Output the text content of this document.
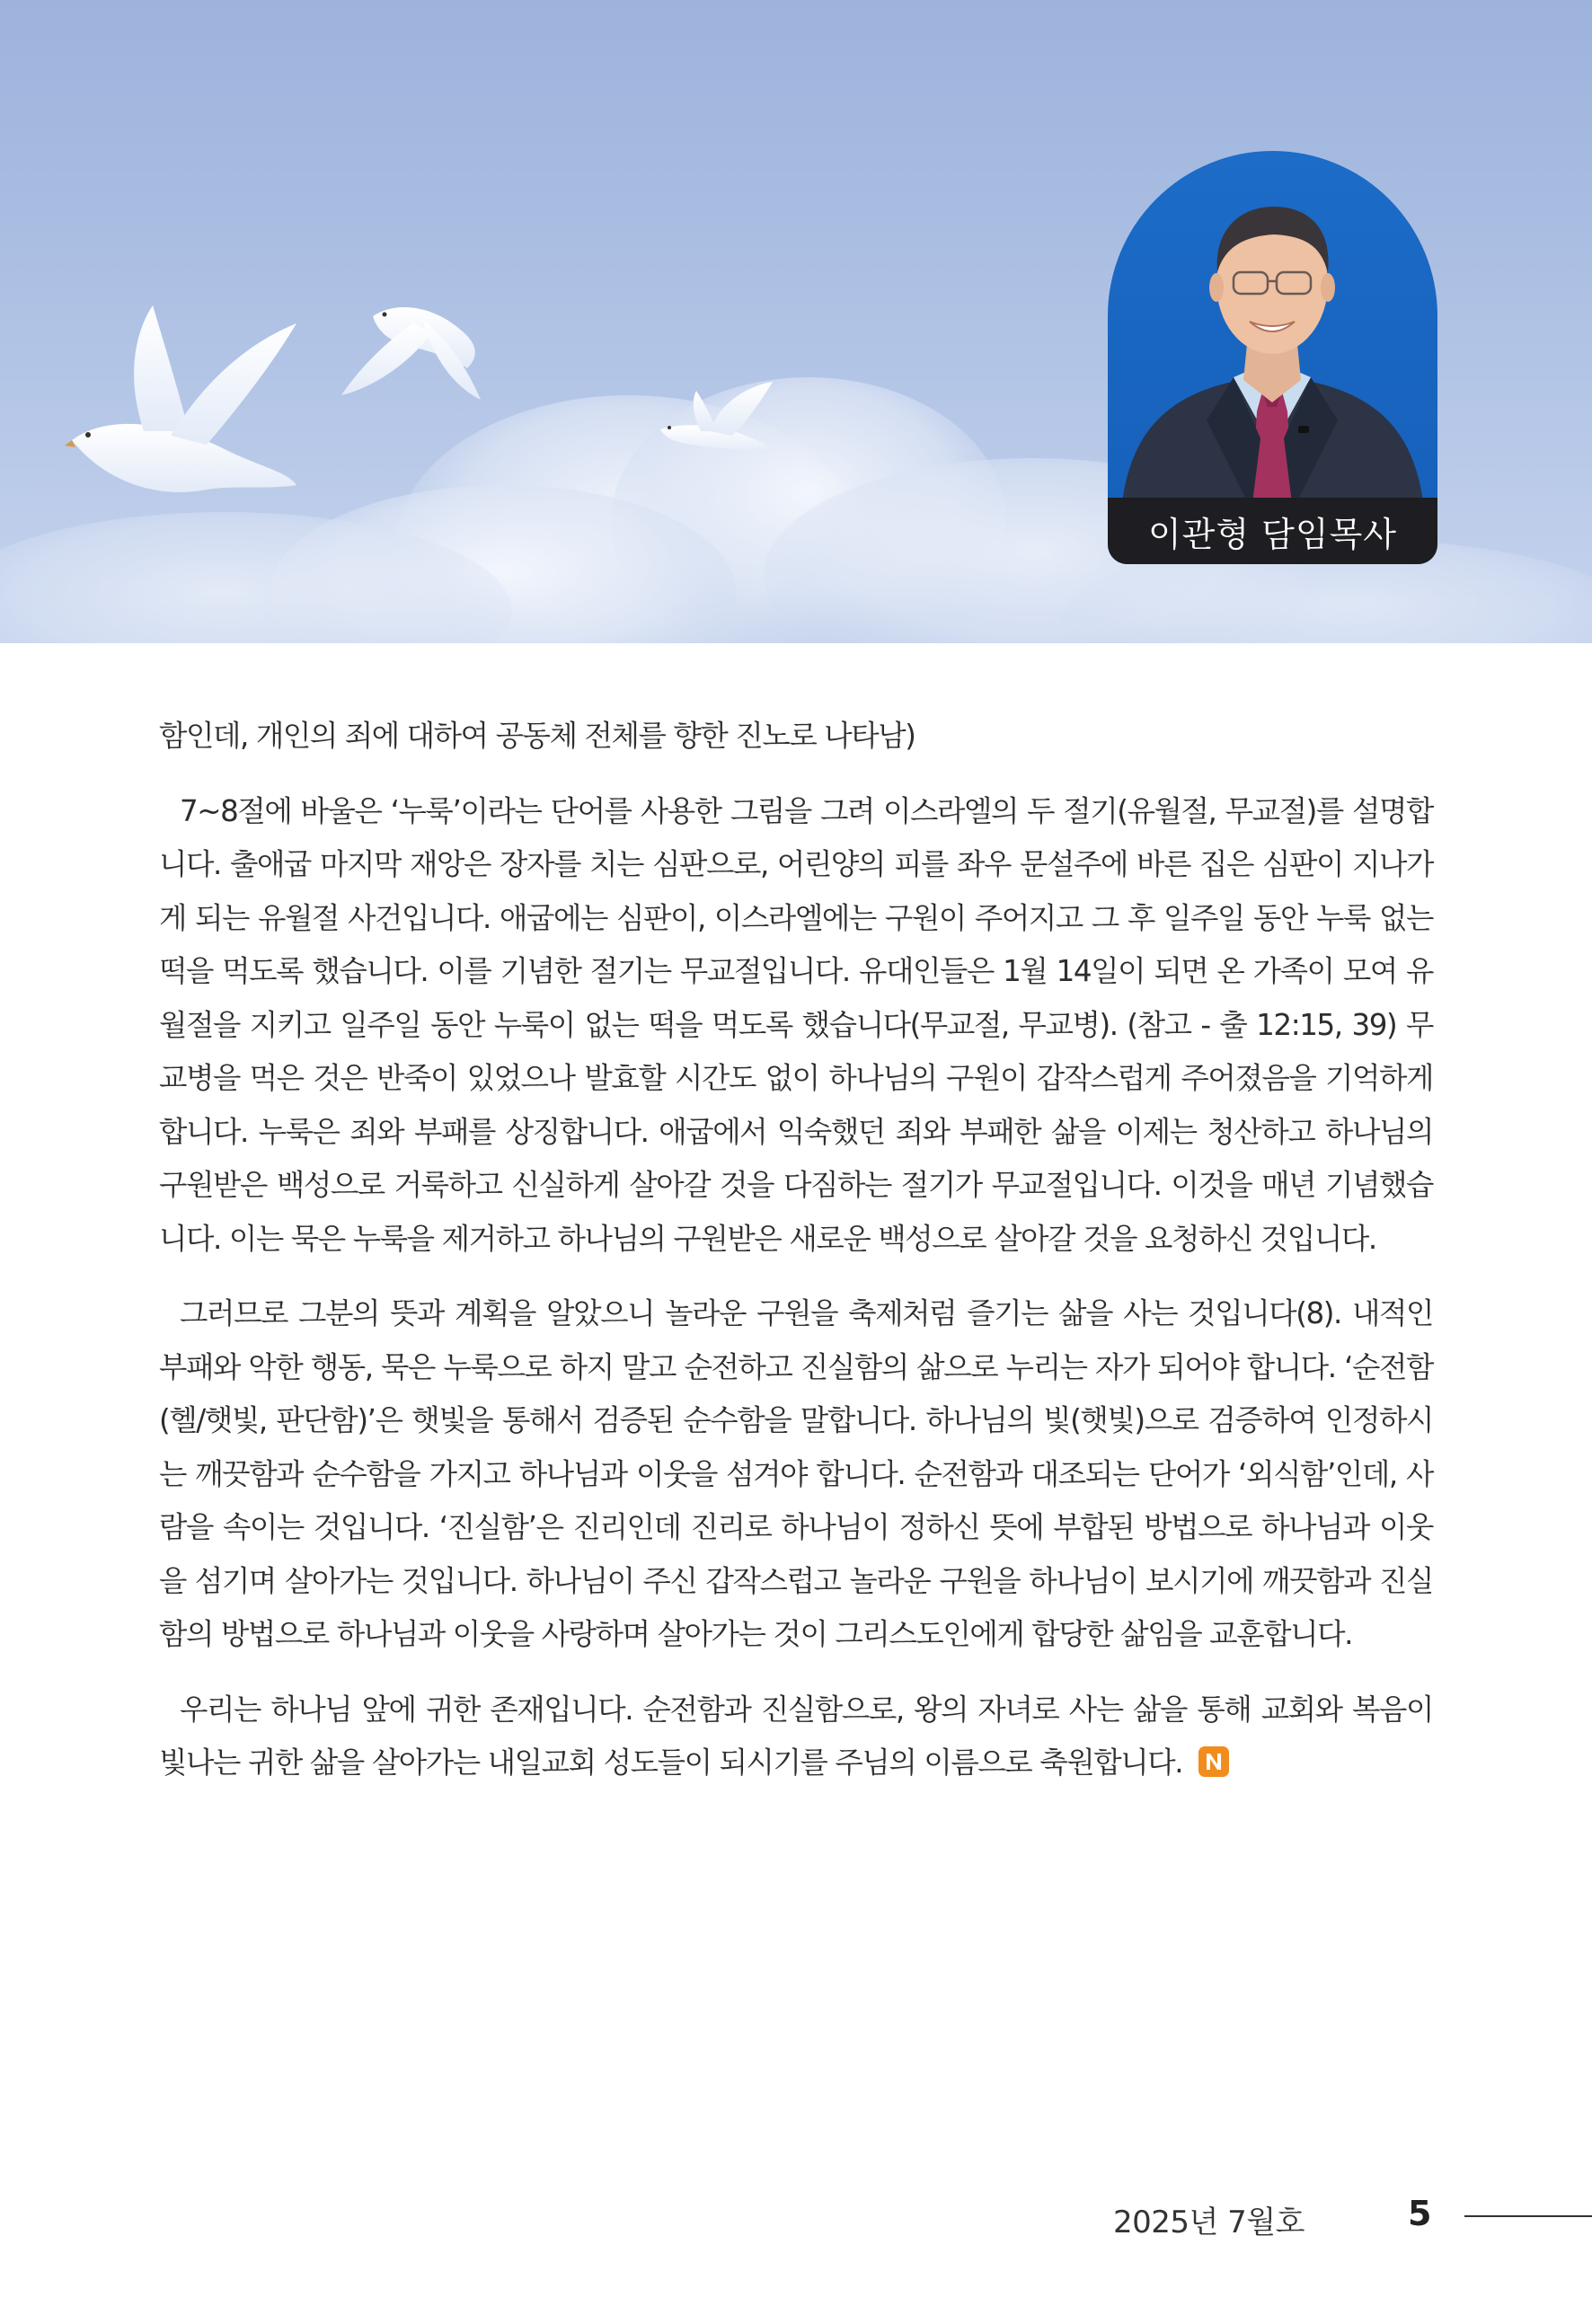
이관형 담임목사

함인데, 개인의 죄에 대하여 공동체 전체를 향한 진노로 나타남)

7~8절에 바울은 ‘누룩’이라는 단어를 사용한 그림을 그려 이스라엘의 두 절기(유월절, 무교절)를 설명합니다. 출애굽 마지막 재앙은 장자를 치는 심판으로, 어린양의 피를 좌우 문설주에 바른 집은 심판이 지나가게 되는 유월절 사건입니다. 애굽에는 심판이, 이스라엘에는 구원이 주어지고 그 후 일주일 동안 누룩 없는 떡을 먹도록 했습니다. 이를 기념한 절기는 무교절입니다. 유대인들은 1월 14일이 되면 온 가족이 모여 유월절을 지키고 일주일 동안 누룩이 없는 떡을 먹도록 했습니다(무교절, 무교병). (참고 - 출 12:15, 39) 무교병을 먹은 것은 반죽이 있었으나 발효할 시간도 없이 하나님의 구원이 갑작스럽게 주어졌음을 기억하게 합니다. 누룩은 죄와 부패를 상징합니다. 애굽에서 익숙했던 죄와 부패한 삶을 이제는 청산하고 하나님의 구원받은 백성으로 거룩하고 신실하게 살아갈 것을 다짐하는 절기가 무교절입니다. 이것을 매년 기념했습니다. 이는 묵은 누룩을 제거하고 하나님의 구원받은 새로운 백성으로 살아갈 것을 요청하신 것입니다.

그러므로 그분의 뜻과 계획을 알았으니 놀라운 구원을 축제처럼 즐기는 삶을 사는 것입니다(8). 내적인 부패와 악한 행동, 묵은 누룩으로 하지 말고 순전하고 진실함의 삶으로 누리는 자가 되어야 합니다. ‘순전함(헬/햇빛, 판단함)’은 햇빛을 통해서 검증된 순수함을 말합니다. 하나님의 빛(햇빛)으로 검증하여 인정하시는 깨끗함과 순수함을 가지고 하나님과 이웃을 섬겨야 합니다. 순전함과 대조되는 단어가 ‘외식함’인데, 사람을 속이는 것입니다. ‘진실함’은 진리인데 진리로 하나님이 정하신 뜻에 부합된 방법으로 하나님과 이웃을 섬기며 살아가는 것입니다. 하나님이 주신 갑작스럽고 놀라운 구원을 하나님이 보시기에 깨끗함과 진실함의 방법으로 하나님과 이웃을 사랑하며 살아가는 것이 그리스도인에게 합당한 삶임을 교훈합니다.

우리는 하나님 앞에 귀한 존재입니다. 순전함과 진실함으로, 왕의 자녀로 사는 삶을 통해 교회와 복음이 빛나는 귀한 삶을 살아가는 내일교회 성도들이 되시기를 주님의 이름으로 축원합니다.

2025년 7월호	5
